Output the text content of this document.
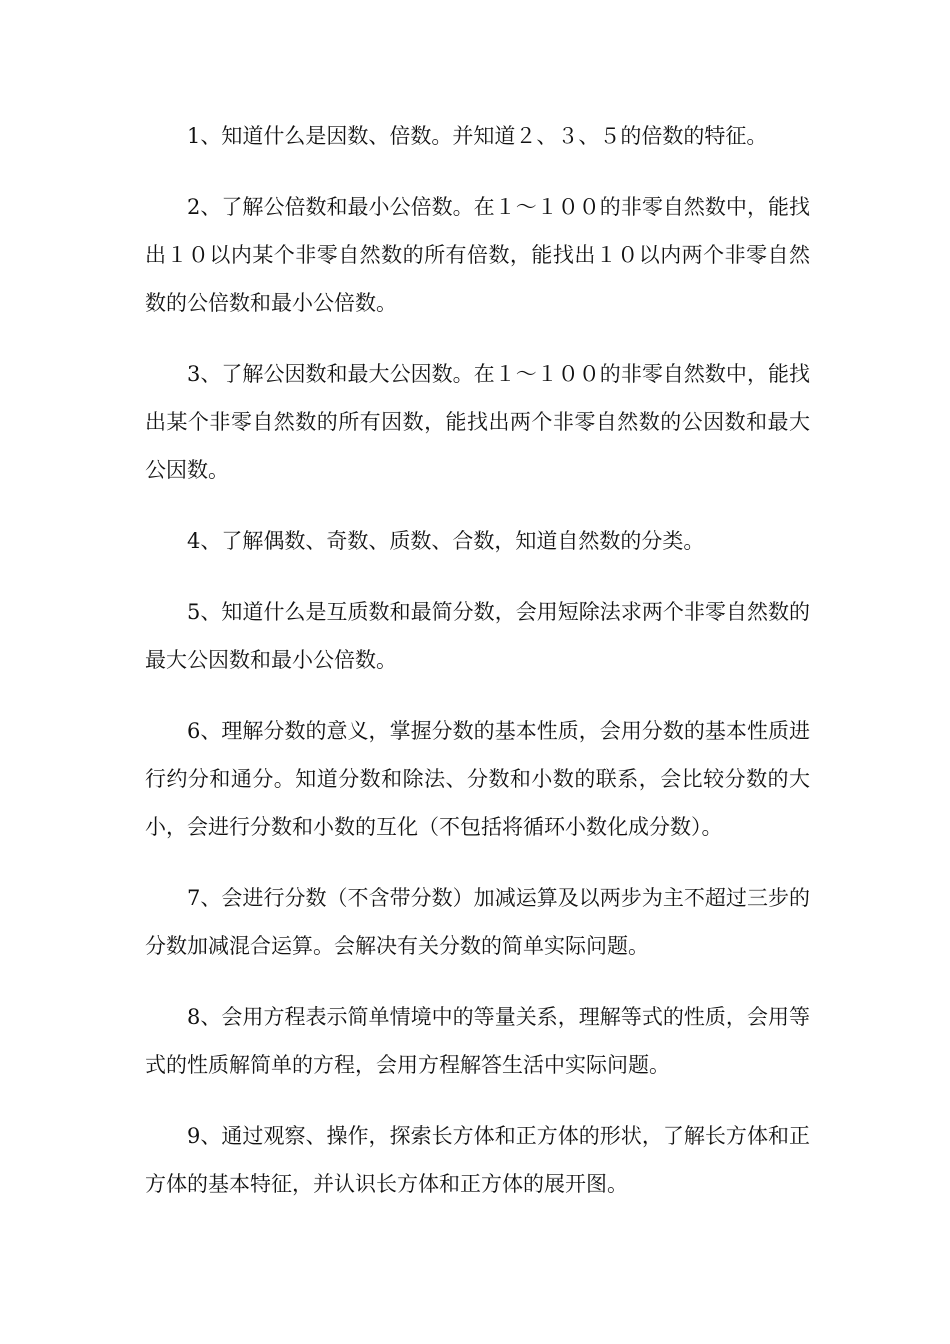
1、知道什么是因数、倍数。并知道２、３、５的倍数的特征。

2、了解公倍数和最小公倍数。在１～１００的非零自然数中，能找出１０以内某个非零自然数的所有倍数，能找出１０以内两个非零自然数的公倍数和最小公倍数。

3、了解公因数和最大公因数。在１～１００的非零自然数中，能找出某个非零自然数的所有因数，能找出两个非零自然数的公因数和最大公因数。

4、了解偶数、奇数、质数、合数，知道自然数的分类。

5、知道什么是互质数和最简分数，会用短除法求两个非零自然数的最大公因数和最小公倍数。

6、理解分数的意义，掌握分数的基本性质，会用分数的基本性质进行约分和通分。知道分数和除法、分数和小数的联系，会比较分数的大小，会进行分数和小数的互化（不包括将循环小数化成分数）。

7、会进行分数（不含带分数）加减运算及以两步为主不超过三步的分数加减混合运算。会解决有关分数的简单实际问题。

8、会用方程表示简单情境中的等量关系，理解等式的性质，会用等式的性质解简单的方程，会用方程解答生活中实际问题。

9、通过观察、操作，探索长方体和正方体的形状，了解长方体和正方体的基本特征，并认识长方体和正方体的展开图。
